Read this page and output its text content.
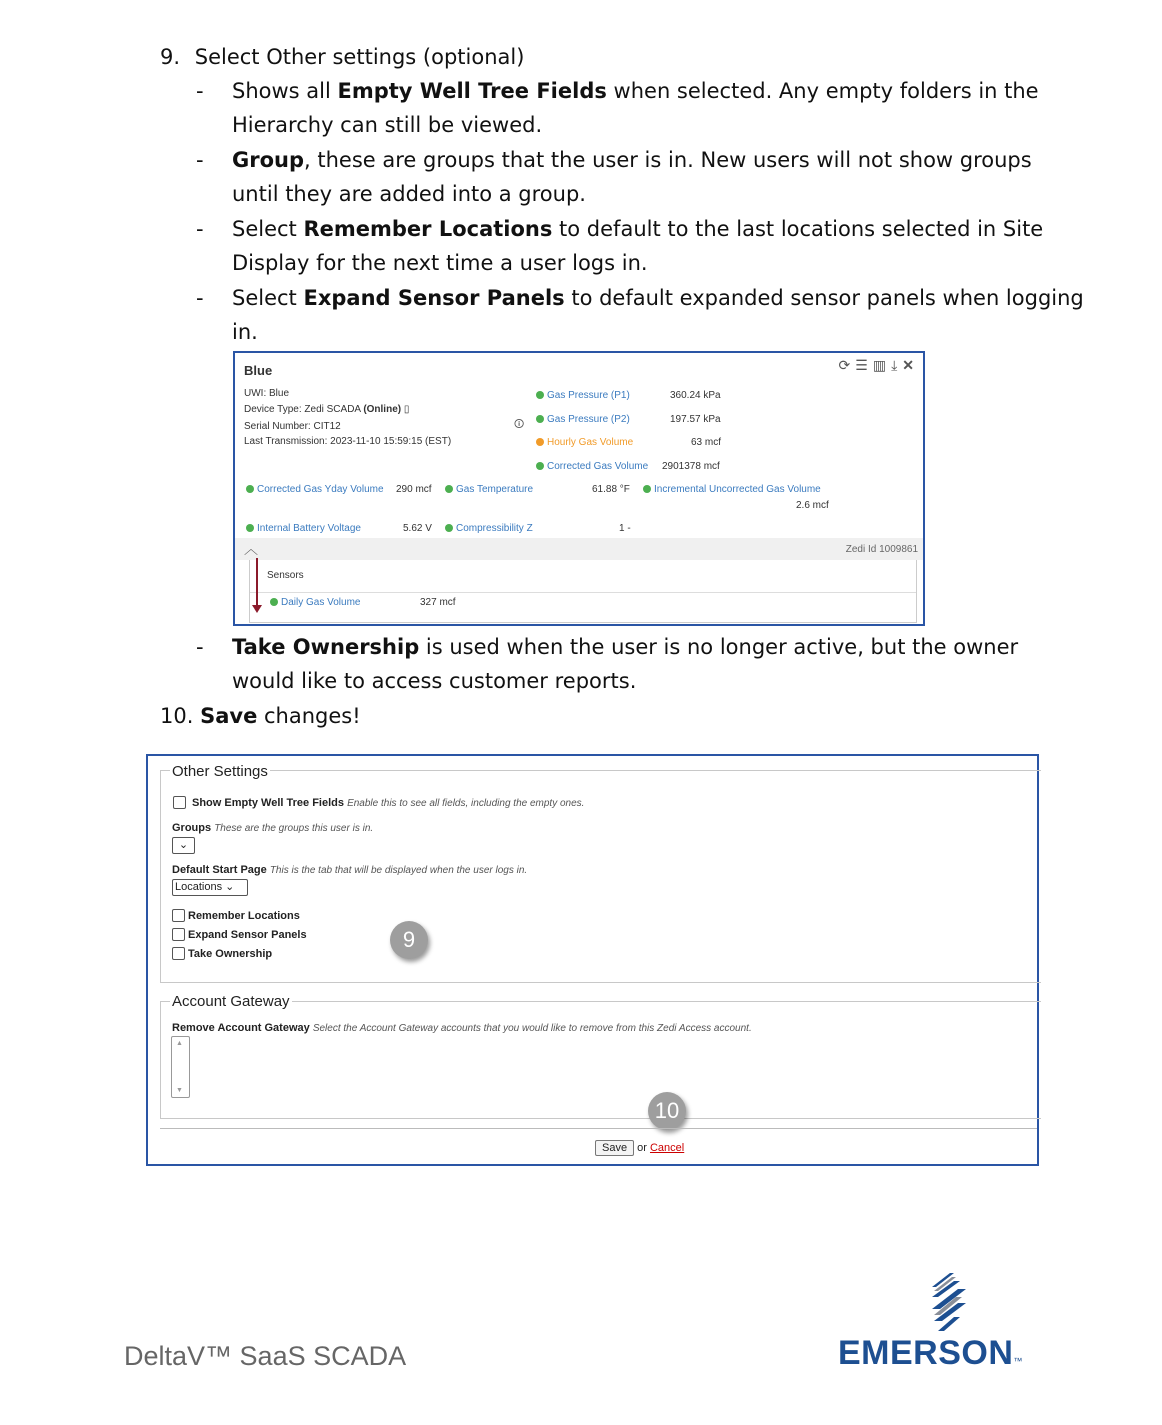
9. Select Other settings (optional)
-	Shows all Empty Well Tree Fields when selected. Any empty folders in the
Hierarchy can still be viewed.
-	Group, these are groups that the user is in. New users will not show groups
until they are added into a group.
-	Select Remember Locations to default to the last locations selected in Site
Display for the next time a user logs in.
-	Select Expand Sensor Panels to default expanded sensor panels when logging
in.
Blue	⟳ ☰ ▥ ⤓ ✕
UWI: Blue
Device Type: Zedi SCADA (Online) ▯
Serial Number: CIT12
Last Transmission: 2023-11-10 15:59:15 (EST)
🛈
Gas Pressure (P1)	360.24 kPa
Gas Pressure (P2)	197.57 kPa
Hourly Gas Volume	63 mcf
Corrected Gas Volume 2901378 mcf
Corrected Gas Yday Volume 290 mcf	Gas Temperature	61.88 °F	Incremental Uncorrected Gas Volume
2.6 mcf
Internal Battery Voltage	5.62 V	Compressibility Z	1 -
︿	Zedi Id 1009861
Sensors
Daily Gas Volume	327 mcf
-	Take Ownership is used when the user is no longer active, but the owner
would like to access customer reports.
10. Save changes!
Other Settings
Show Empty Well Tree Fields Enable this to see all fields, including the empty ones.
Groups These are the groups this user is in.
⌄
Default Start Page This is the tab that will be displayed when the user logs in.
Locations ⌄
Remember Locations
Expand Sensor Panels
Take Ownership
9
Account Gateway
Remove Account Gateway Select the Account Gateway accounts that you would like to remove from this Zedi Access account.
▲
▼
10
Save or Cancel
DeltaV™ SaaS SCADA	EMERSON™
